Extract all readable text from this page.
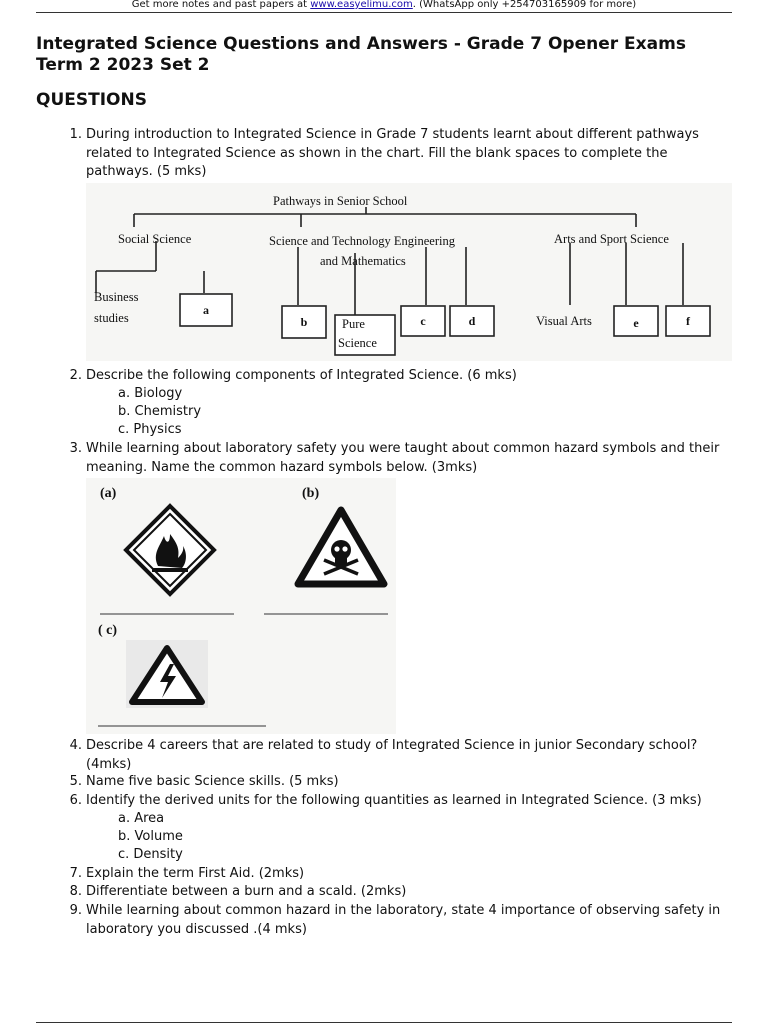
Get more notes and past papers at www.easyelimu.com. (WhatsApp only +254703165909 for more)
Integrated Science Questions and Answers - Grade 7 Opener Exams Term 2 2023 Set 2
QUESTIONS
1. During introduction to Integrated Science in Grade 7 students learnt about different pathways related to Integrated Science as shown in the chart. Fill the blank spaces to complete the pathways. (5 mks)
Pathways in Senior School
Social Science	Science and Technology Engineering
and Mathematics
Arts and Sport Science
Business
studies	Pure
Science
Visual Arts
a
b	c	d	e	f
2. Describe the following components of Integrated Science. (6 mks)
a. Biology
b. Chemistry
c. Physics
3. While learning about laboratory safety you were taught about common hazard symbols and their meaning. Name the common hazard symbols below. (3mks)
(a)	(b)
( c)
4. Describe 4 careers that are related to study of Integrated Science in junior Secondary school? (4mks)
5. Name five basic Science skills. (5 mks)
6. Identify the derived units for the following quantities as learned in Integrated Science. (3 mks)
a. Area
b. Volume
c. Density
7. Explain the term First Aid. (2mks)
8. Differentiate between a burn and a scald. (2mks)
9. While learning about common hazard in the laboratory, state 4 importance of observing safety in laboratory you discussed .(4 mks)
